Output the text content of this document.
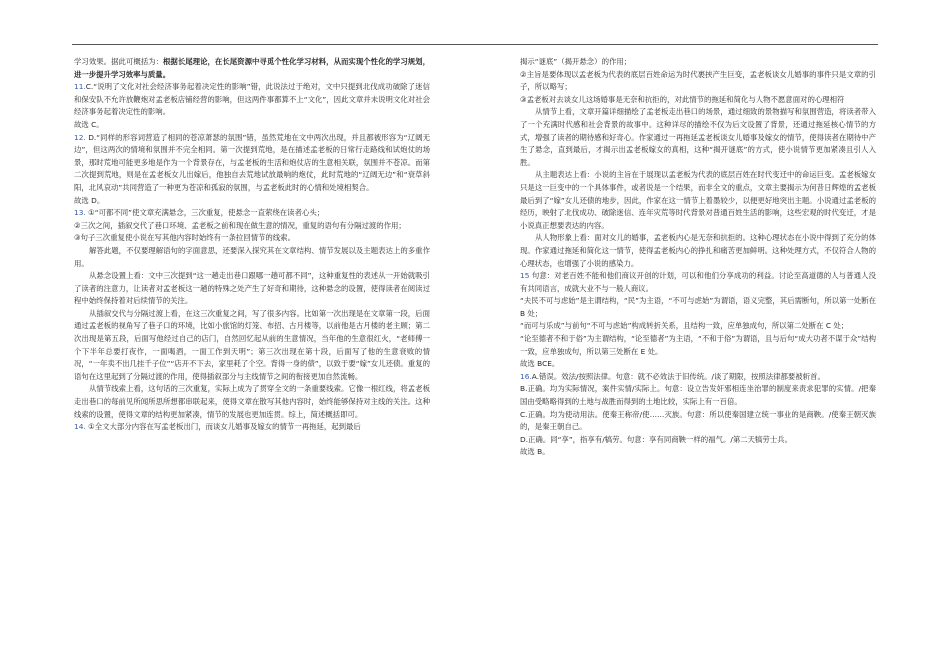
学习效果。据此可概括为：根据长尾理论，在长尾资源中寻觅个性化学习材料，从而实现个性化的学习规划，进一步提升学习效率与质量。

11.C.“说明了文化对社会经济事务起着决定性的影响”错，此说法过于绝对，文中只提到北伐成功破除了迷信和保安队不允许放鞭炮对孟老板店铺经营的影响，但这两件事都算不上“文化”，因此文章并未说明文化对社会经济事务起着决定性的影响。

故选 C。

12. D.“同样的形容词营造了相同的苍凉萧瑟的氛围”错，虽然荒地在文中两次出现，并且都被形容为“辽阔无边”，但这两次的情境和氛围并不完全相同。第一次提到荒地，是在描述孟老板的日常行走路线和试炮仗的场景，那时荒地可能更多地是作为一个背景存在，与孟老板的生活和炮仗店的生意相关联，氛围并不苍凉。而第二次提到荒地，则是在孟老板女儿出嫁后，他独自去荒地试放最响的炮仗，此时荒地的“辽阔无边”和“衰草斜阳，北风哀动”共同营造了一种更为苍凉和孤寂的氛围，与孟老板此时的心情和处境相契合。

故选 D。

13. ①“可都不同”使文章充满悬念，三次重复，使悬念一直萦绕在读者心头；

②三次之间，插叙交代了巷口环境、孟老板之前和现在做生意的情况，重复的语句有分隔过渡的作用；

③句子三次重复使小说在写其他内容时始终有一条拉回情节的线索。

解答此题，不仅要理解语句的字面意思，还要深入探究其在文章结构、情节发展以及主题表达上的多重作用。

从悬念设置上看：文中三次提到“这一趟走出巷口跟哪一趟可都不同”，这种重复性的表述从一开始就吸引了读者的注意力，让读者对孟老板这一趟的特殊之处产生了好奇和期待，这种悬念的设置，使得读者在阅读过程中始终保持着对后续情节的关注。

从插叙交代与分隔过渡上看，在这三次重复之间，写了很多内容。比如第一次出现是在文章第一段，后面通过孟老板的视角写了巷子口的环境，比如小旅馆的灯笼、布招、古月楼等，以前他是古月楼的老主顾；第二次出现是第五段，后面写他经过自己的店门，自然回忆起从前的生意情况，当年他的生意很红火，“老师傅一个下半年总要打夜作，一面喝酒，一面工作到天明”；第三次出现在第十段，后面写了他的生意衰败的情况，“一年卖不出几挂千子位”“店开不下去，家里耗了个空。背得一身的债”，以致于要“嫁”女儿还债。重复的语句在这里起到了分隔过渡的作用，使得插叙部分与主线情节之间的衔接更加自然流畅。

从情节线索上看，这句话的三次重复，实际上成为了贯穿全文的一条重要线索。它像一根红线，将孟老板走出巷口的每前见所闻所思所想都串联起来，使得文章在散写其他内容时，始终能够保持对主线的关注。这种线索的设置，使得文章的结构更加紧凑，情节的发展也更加连贯。综上，简述概括即可。

14. ①全文大部分内容在写孟老板出门，而谈女儿婚事及嫁女的情节一再拖延，起到最后

揭示“谜底”（揭开悬念）的作用；

②主旨是要体现以孟老板为代表的底层百姓命运为时代裹挟产生巨变，孟老板谈女儿婚事的事件只是文章的引子，所以略写；

③孟老板对去谈女儿这场婚事是无奈和抗拒的，对此情节的拖延和简化与人物不愿意面对的心理相符

从情节上看，文章开篇详细描绘了孟老板走出巷口的场景，通过细致的景物描写和氛围营造，将读者带入了一个充满时代感和社会背景的故事中。这种详尽的描绘不仅为后文设置了背景，还通过拖延核心情节的方式，增强了读者的期待感和好奇心。作家通过一再拖延孟老板谈女儿婚事及嫁女的情节，使得读者在期待中产生了悬念，直到最后，才揭示出孟老板嫁女的真相，这种“揭开谜底”的方式，使小说情节更加紧凑且引人入胜。

从主题表达上看：小说的主旨在于展现以孟老板为代表的底层百姓在时代变迁中的命运巨变。孟老板嫁女只是这一巨变中的一个具体事件，或者说是一个结果，而非全文的重点，文章主要揭示为何昔日辉煌的孟老板最后到了“嫁”女儿还债的地步，因此，作家在这一情节上着墨较少，以便更好地突出主题。小说通过孟老板的经历，映射了北伐成功、破除迷信、连年灾荒等时代背景对普通百姓生活的影响，这些宏观的时代变迁，才是小说真正想要表达的内容。

从人物形象上看：面对女儿的婚事，孟老板内心是无奈和抗拒的。这种心理状态在小说中得到了充分的体现。作家通过拖延和简化这一情节，使得孟老板内心的挣扎和痛苦更加鲜明。这种处理方式，不仅符合人物的心理状态，也增强了小说的感染力。

15 句意：对老百姓不能和他们商议开创的计划，可以和他们分享成功的利益。讨论至高道德的人与普通人没有共同语言，成就大业不与一般人商议。

“夫民不可与虑始”是主谓结构，“民”为主语，“不可与虑始”为谓语，语义完整，其后需断句，所以第一处断在 B 处；

“而可与乐成”与前句“不可与虑始”构成转折关系，且结构一致，应单独成句，所以第二处断在 C 处；

“论至德者不和于俗”为主谓结构，“论至德者”为主语，“不和于俗”为谓语，且与后句“成大功者不谋于众”结构一致，应单独成句，所以第三处断在 E 处。

故选 BCE。

16.A.错误。效法/按照法律。句意：就不必效法于旧传统。/谈了期限，按照法律都要被斩首。

B.正确。均为实际情况，案件实情/实际上。句意：设立告发奸邪相连坐治罪的制度来责求犯罪的实情。/把秦国由受略略得到的土地与战胜而得到的土地比较，实际上有一百倍。

C.正确。均为使动用法。使秦王称帝/使……灭族。句意：所以使秦国建立统一事业的是商鞅。/使秦王朝灭族的，是秦王朝自己。

D.正确。同“享”，指享有/犒劳。句意：享有同商鞅一样的福气。/第二天犒劳士兵。

故选 B。
